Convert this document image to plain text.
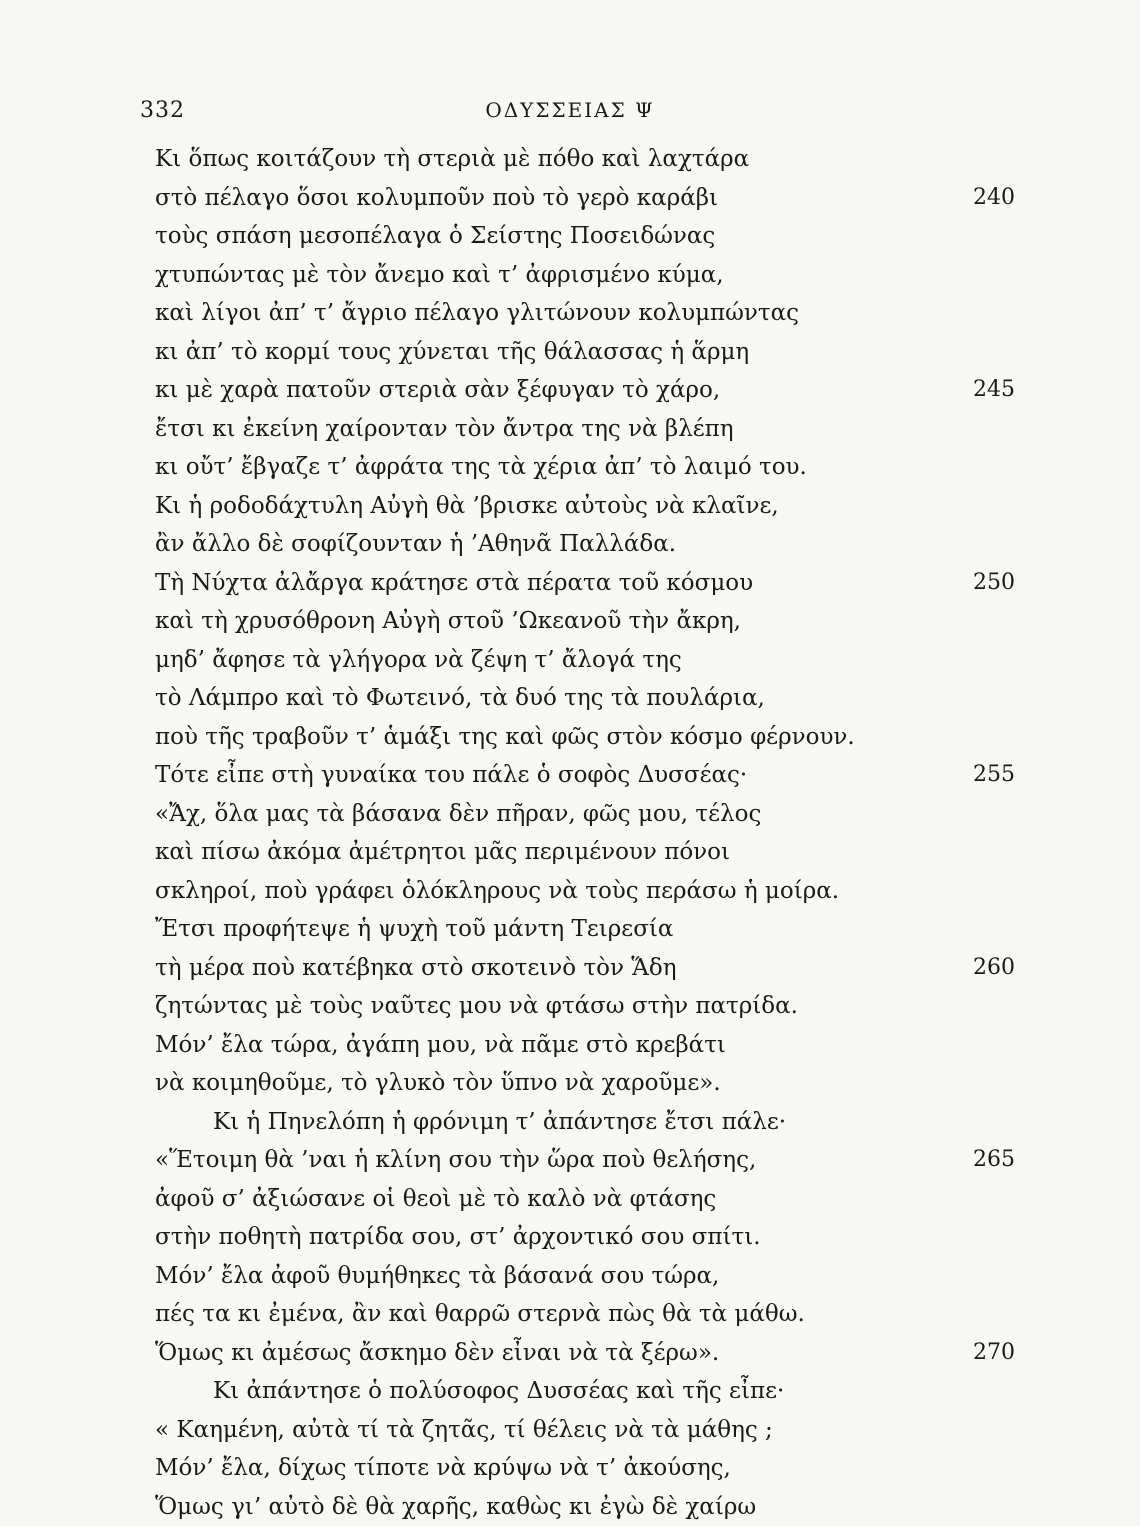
332	ΟΔΥΣΣΕΙΑΣ Ψ
Κι ὅπως κοιτάζουν τὴ στεριὰ μὲ πόθο καὶ λαχτάρα
στὸ πέλαγο ὅσοι κολυμποῦν ποὺ τὸ γερὸ καράβι	240
τοὺς σπάση μεσοπέλαγα ὁ Σείστης Ποσειδώνας
χτυπώντας μὲ τὸν ἄνεμο καὶ τ’ ἀφρισμένο κύμα,
καὶ λίγοι ἀπ’ τ’ ἄγριο πέλαγο γλιτώνουν κολυμπώντας
κι ἀπ’ τὸ κορμί τους χύνεται τῆς θάλασσας ἡ ἅρμη
κι μὲ χαρὰ πατοῦν στεριὰ σὰν ξέφυγαν τὸ χάρο,	245
ἔτσι κι ἐκείνη χαίρονταν τὸν ἄντρα της νὰ βλέπη
κι οὔτ’ ἔβγαζε τ’ ἀφράτα της τὰ χέρια ἀπ’ τὸ λαιμό του.
Κι ἡ ροδοδάχτυλη Αὐγὴ θὰ ’βρισκε αὐτοὺς νὰ κλαῖνε,
ἂν ἄλλο δὲ σοφίζουνταν ἡ ’Αθηνᾶ Παλλάδα.
Τὴ Νύχτα ἀλἄργα κράτησε στὰ πέρατα τοῦ κόσμου	250
καὶ τὴ χρυσόθρονη Αὐγὴ στοῦ ’Ωκεανοῦ τὴν ἄκρη,
μηδ’ ἄφησε τὰ γλήγορα νὰ ζέψη τ’ ἄλογά της
τὸ Λάμπρο καὶ τὸ Φωτεινό, τὰ δυό της τὰ πουλάρια,
ποὺ τῆς τραβοῦν τ’ ἁμάξι της καὶ φῶς στὸν κόσμο φέρνουν.
Τότε εἶπε στὴ γυναίκα του πάλε ὁ σοφὸς Δυσσέας·	255
«Ἄχ, ὅλα μας τὰ βάσανα δὲν πῆραν, φῶς μου, τέλος
καὶ πίσω ἀκόμα ἀμέτρητοι μᾶς περιμένουν πόνοι
σκληροί, ποὺ γράφει ὁλόκληρους νὰ τοὺς περάσω ἡ μοίρα.
Ἔτσι προφήτεψε ἡ ψυχὴ τοῦ μάντη Τειρεσία
τὴ μέρα ποὺ κατέβηκα στὸ σκοτεινὸ τὸν Ἅδη	260
ζητώντας μὲ τοὺς ναῦτες μου νὰ φτάσω στὴν πατρίδα.
Μόν’ ἔλα τώρα, ἀγάπη μου, νὰ πᾶμε στὸ κρεβάτι
νὰ κοιμηθοῦμε, τὸ γλυκὸ τὸν ὕπνο νὰ χαροῦμε».
Κι ἡ Πηνελόπη ἡ φρόνιμη τ’ ἀπάντησε ἔτσι πάλε·
«Ἕτοιμη θὰ ’ναι ἡ κλίνη σου τὴν ὥρα ποὺ θελήσης,	265
ἀφοῦ σ’ ἀξιώσανε οἱ θεοὶ μὲ τὸ καλὸ νὰ φτάσης
στὴν ποθητὴ πατρίδα σου, στ’ ἀρχοντικό σου σπίτι.
Μόν’ ἔλα ἀφοῦ θυμήθηκες τὰ βάσανά σου τώρα,
πές τα κι ἐμένα, ἂν καὶ θαρρῶ στερνὰ πὼς θὰ τὰ μάθω.
Ὅμως κι ἀμέσως ἄσκημο δὲν εἶναι νὰ τὰ ξέρω».	270
Κι ἀπάντησε ὁ πολύσοφος Δυσσέας καὶ τῆς εἶπε·
« Καημένη, αὐτὰ τί τὰ ζητᾶς, τί θέλεις νὰ τὰ μάθης ;
Μόν’ ἔλα, δίχως τίποτε νὰ κρύψω νὰ τ’ ἀκούσης,
Ὅμως γι’ αὐτὸ δὲ θὰ χαρῆς, καθὼς κι ἐγὼ δὲ χαίρω
